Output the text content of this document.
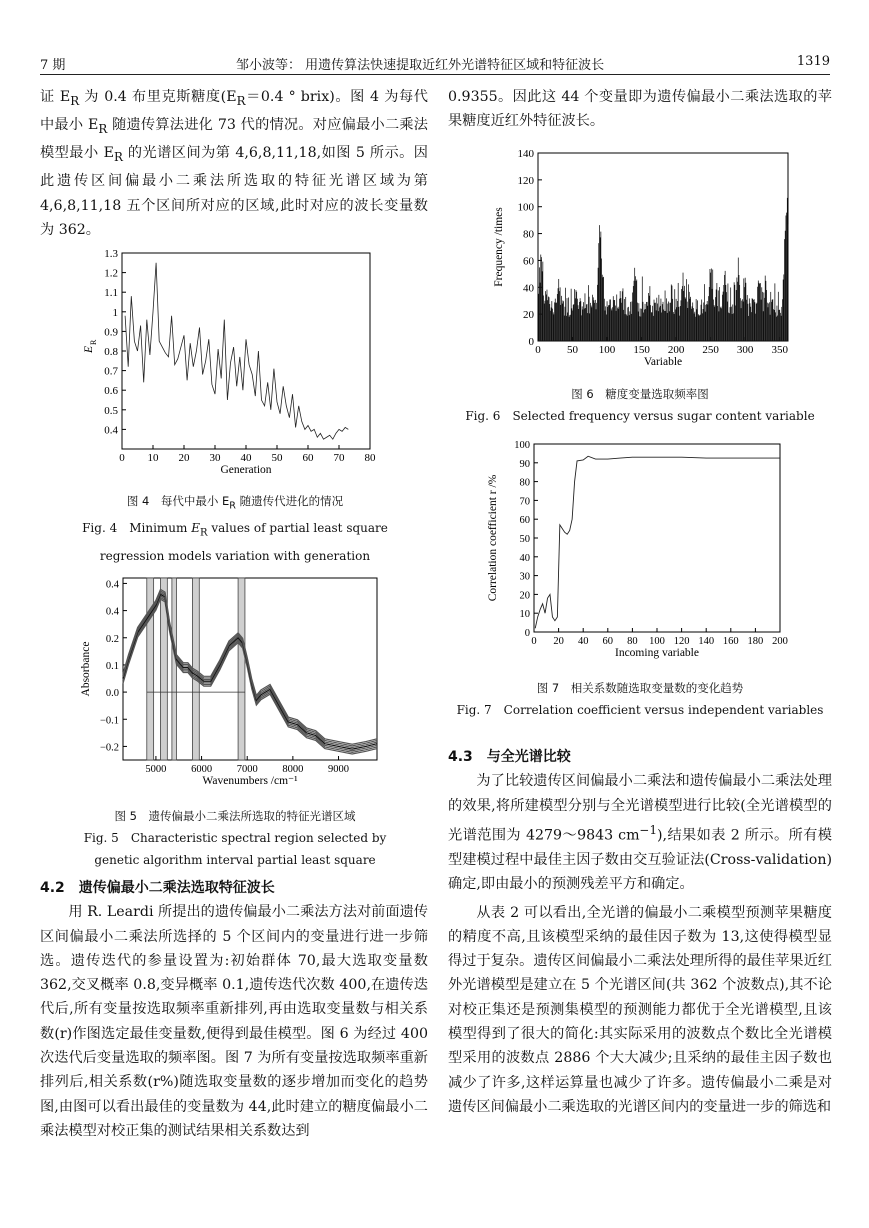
7 期	邹小波等： 用遗传算法快速提取近红外光谱特征区域和特征波长	1319

证 $E_R$ 为 0.4 布里克斯糖度($E_R=0.4$ ° brix)。图 4 为每代中最小 $E_R$ 随遗传算法进化 73 代的情况。对应偏最小二乘法模型最小 $E_R$ 的光谱区间为第 4,6,8,11,18,如图 5 所示。因此遗传区间偏最小二乘法所选取的特征光谱区域为第 4,6,8,11,18 五个区间所对应的区域,此时对应的波长变量数为 362。

0 10 20 30 40 50 60 70 80
0.4
0.5
0.6
0.7
0.8
0.9
1
1.1
1.2
1.3
Generation
E
R
图 4　每代中最小 $E_R$ 随遗传代进化的情况
Fig. 4　Minimum $E_R$ values of partial least square regression models variation with generation
5000 6000 7000 8000 9000
−0.2
−0.1
0.0
0.1
0.2
0.4
0.4
Wavenumbers /cm⁻¹
Absorbance
图 5　遗传偏最小二乘法所选取的特征光谱区域
Fig. 5　Characteristic spectral region selected by genetic algorithm interval partial least square
4.2　遗传偏最小二乘法选取特征波长

用 R. Leardi 所提出的遗传偏最小二乘法方法对前面遗传区间偏最小二乘法所选择的 5 个区间内的变量进行进一步筛选。遗传迭代的参量设置为:初始群体 70,最大选取变量数 362,交叉概率 0.8,变异概率 0.1,遗传迭代次数 400,在遗传迭代后,所有变量按选取频率重新排列,再由选取变量数与相关系数(r)作图选定最佳变量数,便得到最佳模型。图 6 为经过 400 次迭代后变量选取的频率图。图 7 为所有变量按选取频率重新排列后,相关系数(r%)随选取变量数的逐步增加而变化的趋势图,由图可以看出最佳的变量数为 44,此时建立的糖度偏最小二乘法模型对校正集的测试结果相关系数达到

0.9355。因此这 44 个变量即为遗传偏最小二乘法选取的苹果糖度近红外特征波长。

0 50 100 150 200 250 300 350
0
20
40
60
80
100
120
140
Variable
Frequency /times
图 6　糖度变量选取频率图
Fig. 6　Selected frequency versus sugar content variable
0 20 40 60 80 100 120 140 160 180 200
0
10
20
30
40
50
60
70
80
90
100
Incoming variable
Correlation coefficient r /%
图 7　相关系数随选取变量数的变化趋势
Fig. 7　Correlation coefficient versus independent variables
4.3　与全光谱比较

为了比较遗传区间偏最小二乘法和遗传偏最小二乘法处理的效果,将所建模型分别与全光谱模型进行比较(全光谱模型的光谱范围为 4279～9843 $cm^{-1}$),结果如表 2 所示。所有模型建模过程中最佳主因子数由交互验证法(Cross-validation)确定,即由最小的预测残差平方和确定。

从表 2 可以看出,全光谱的偏最小二乘模型预测苹果糖度的精度不高,且该模型采纳的最佳因子数为 13,这使得模型显得过于复杂。遗传区间偏最小二乘法处理所得的最佳苹果近红外光谱模型是建立在 5 个光谱区间(共 362 个波数点),其不论对校正集还是预测集模型的预测能力都优于全光谱模型,且该模型得到了很大的简化:其实际采用的波数点个数比全光谱模型采用的波数点 2886 个大大减少;且采纳的最佳主因子数也减少了许多,这样运算量也减少了许多。遗传偏最小二乘是对遗传区间偏最小二乘选取的光谱区间内的变量进一步的筛选和
